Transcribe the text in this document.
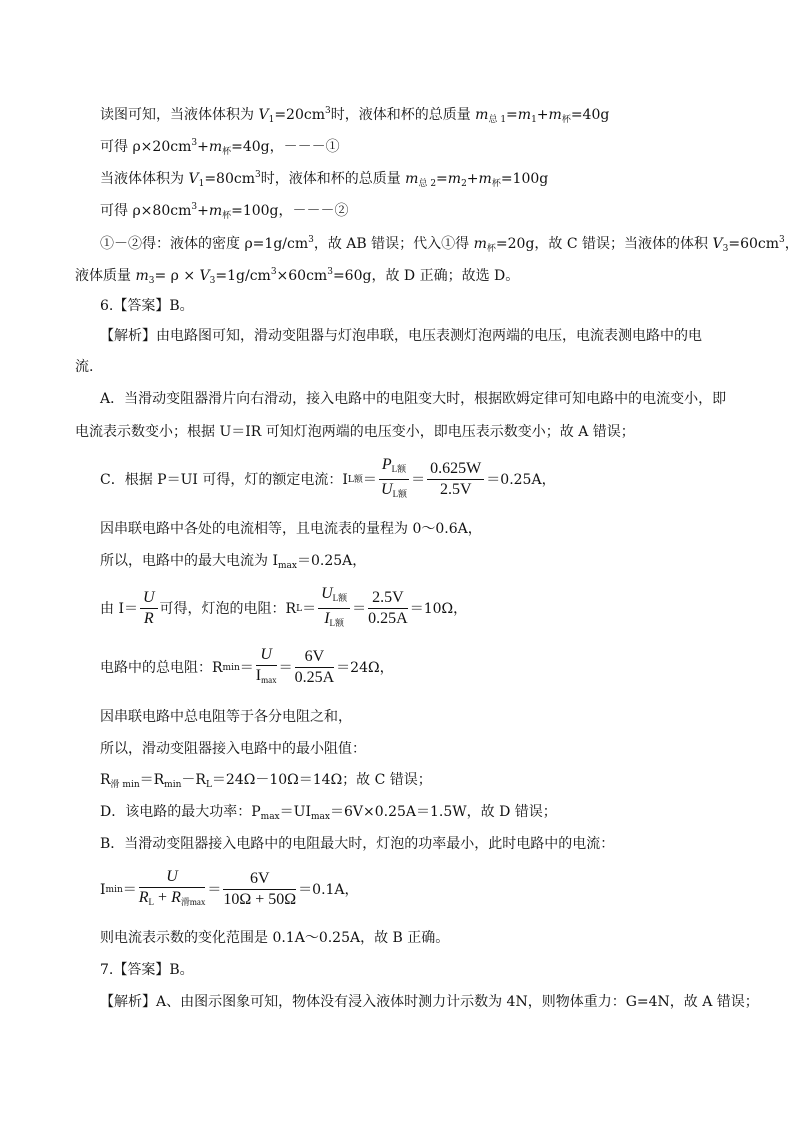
读图可知，当液体体积为 $V_1=20cm^3$时，液体和杯的总质量 $m_{总 1}=m_1+m_杯=40g$
可得 $\rho\times 20cm^3+m_杯=40g$，－－－①
当液体体积为 $V_1=80cm^3$时，液体和杯的总质量 $m_{总 2}=m_2+m_杯=100g$
可得 $\rho\times 80cm^3+m_杯=100g$，－－－②
①－②得：液体的密度 $\rho=1g/cm^3$，故 AB 错误；代入①得 $m_杯=20g$，故 C 错误；当液体的体积 $V_3=60cm^3$，
液体质量 $m_3= \rho \times V_3=1g/cm^3\times 60cm^3=60g$，故 D 正确；故选 D。
6.【答案】B。
【解析】由电路图可知，滑动变阻器与灯泡串联，电压表测灯泡两端的电压，电流表测电路中的电
流.
A．当滑动变阻器滑片向右滑动，接入电路中的电阻变大时，根据欧姆定律可知电路中的电流变小，即
电流表示数变小；根据 U＝IR 可知灯泡两端的电压变小，即电压表示数变小；故 A 错误；
C．根据 P＝UI 可得，灯的额定电流：I L额 ＝ $\frac{P_{L额}}{U_{L额}} = \frac{0.625W}{2.5V} =0.25A$，
因串联电路中各处的电流相等，且电流表的量程为 0～0.6A，
所以，电路中的最大电流为 $I_{max}=0.25A$，
由 $I= \frac{U}{R}$ 可得，灯泡的电阻：R $L = \frac{U_{L额}}{I_{L额}} = \frac{2.5V}{0.25A} =10\Omega$，
电路中的总电阻：R $\min = \frac{U}{I_{max}} = \frac{6V}{0.25A} =24\Omega$，
因串联电路中总电阻等于各分电阻之和，
所以，滑动变阻器接入电路中的最小阻值：
$R_{滑 min}=R_{min}-R_L=24\Omega-10\Omega=14\Omega$；故 C 错误；
D．该电路的最大功率：$P_{max}=UI_{max}=6V\times 0.25A=1.5W$，故 D 错误；
B．当滑动变阻器接入电路中的电阻最大时，灯泡的功率最小，此时电路中的电流：
I $\min = \frac{U}{R_L + R_{滑max}} = \frac{6V}{10\Omega + 50\Omega} =0.1A$，
则电流表示数的变化范围是 0.1A～0.25A，故 B 正确。
7.【答案】B。
【解析】A、由图示图象可知，物体没有浸入液体时测力计示数为 4N，则物体重力：G=4N，故 A 错误；
